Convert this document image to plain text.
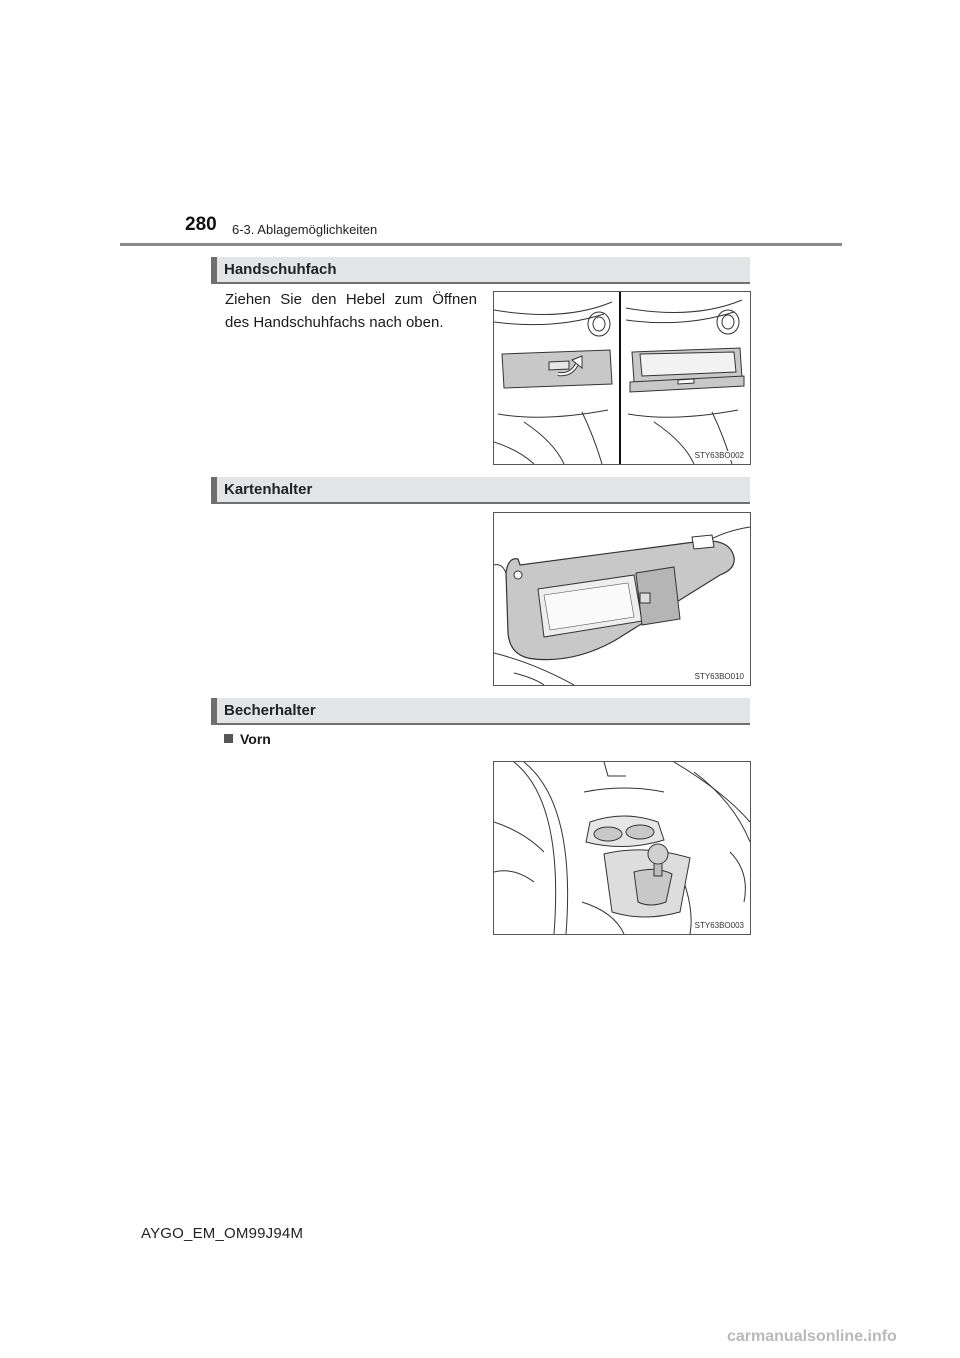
280 6-3. Ablagemöglichkeiten
Handschuhfach
Ziehen Sie den Hebel zum Öffnen des Handschuhfachs nach oben.
STY63BO002
Kartenhalter
STY63BO010
Becherhalter
Vorn
STY63BO003
AYGO_EM_OM99J94M
carmanualsonline.info
